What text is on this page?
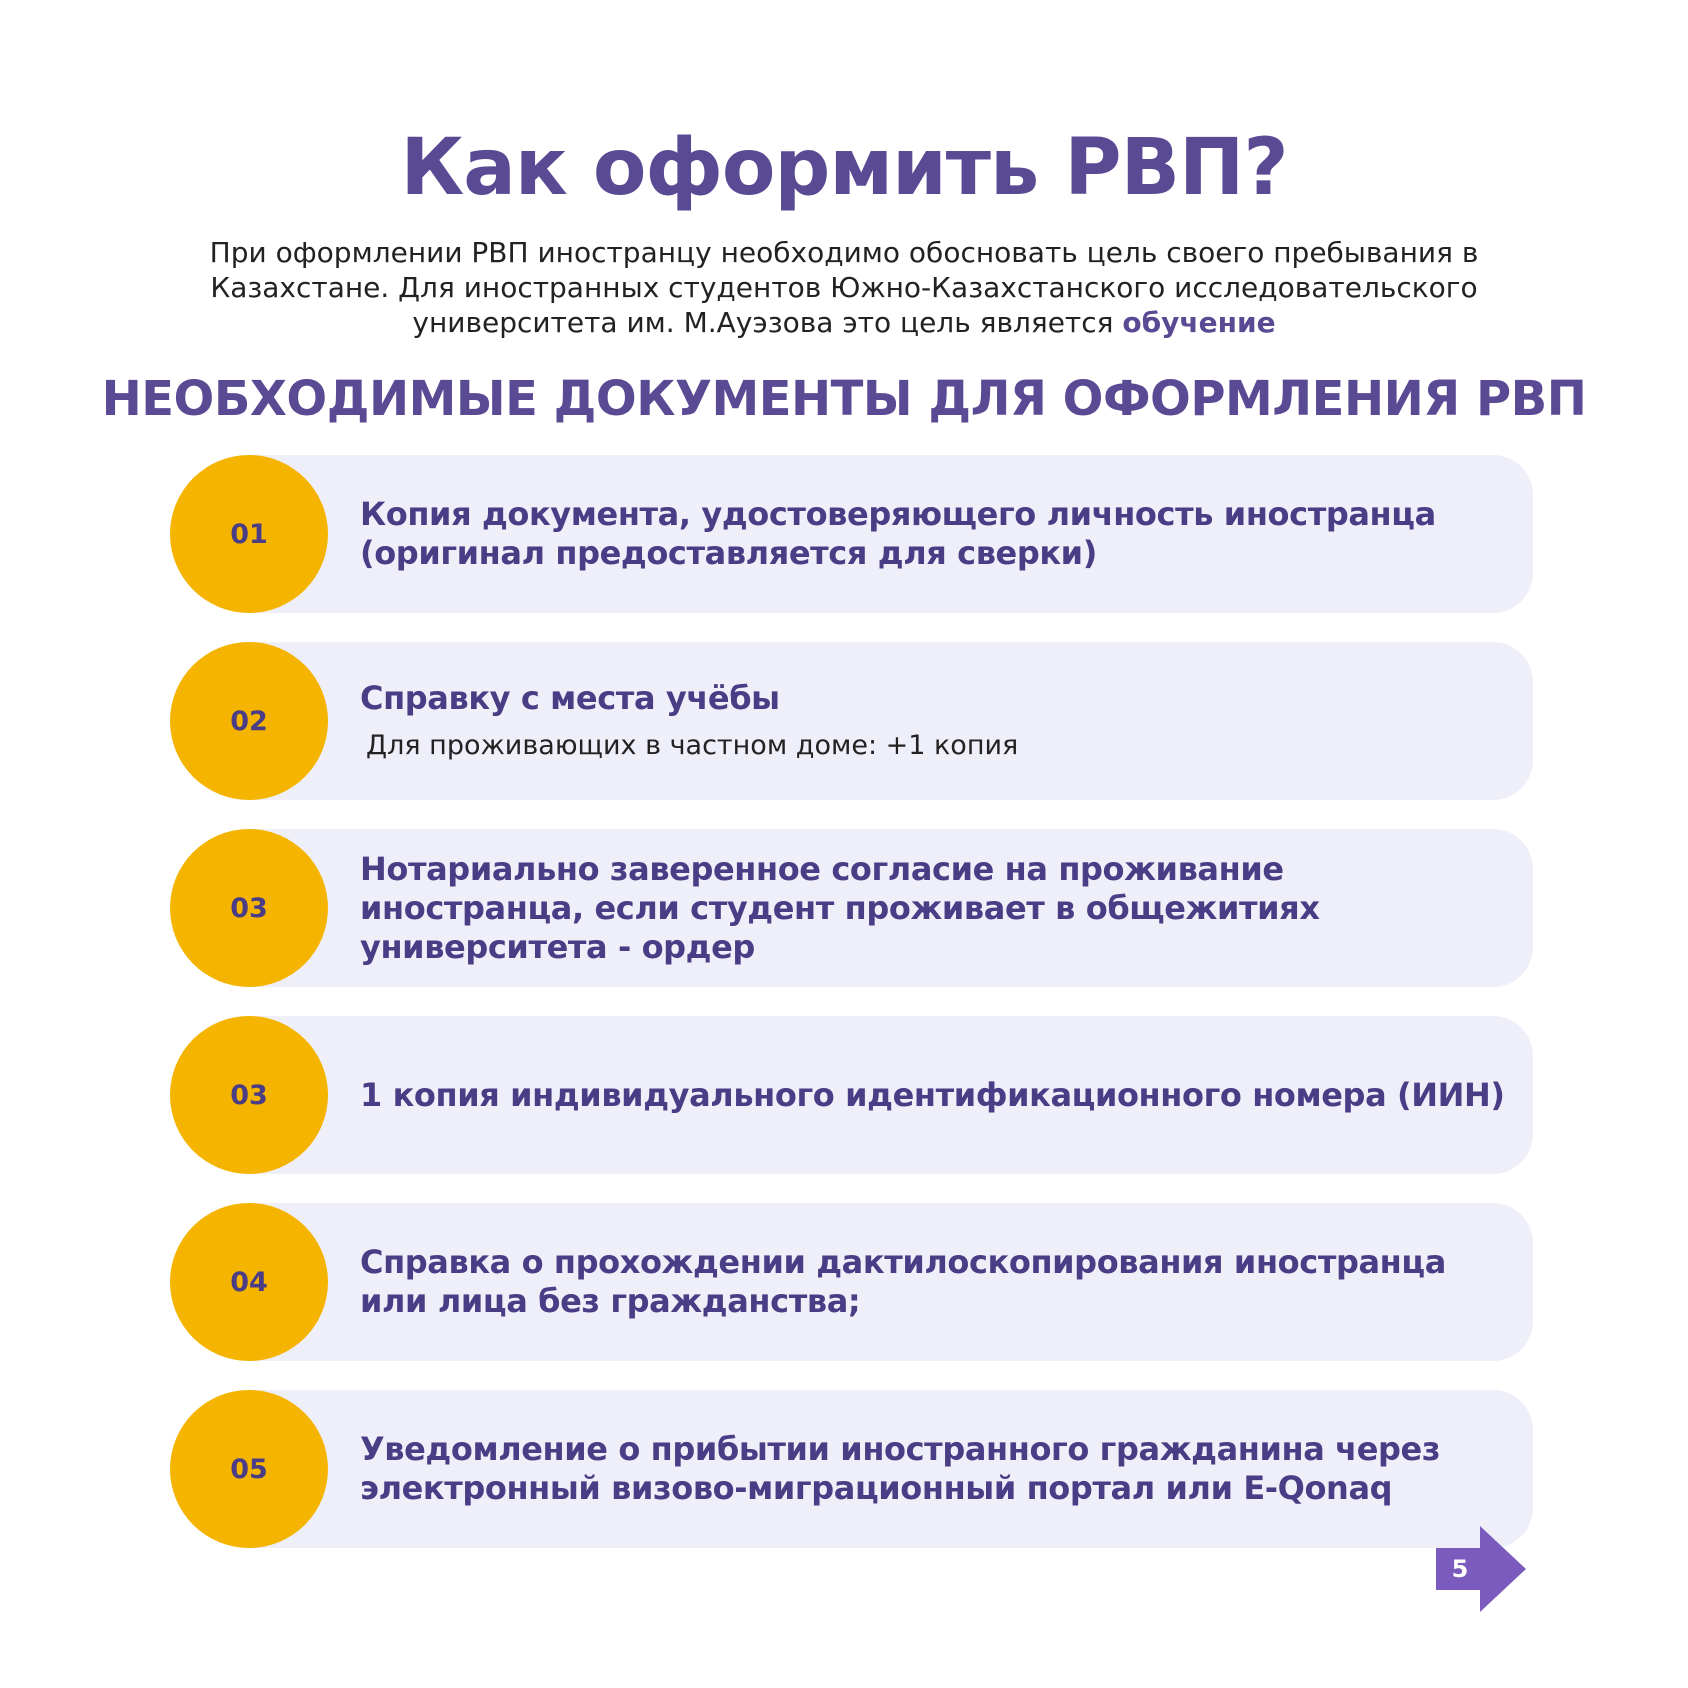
Как оформить РВП?

При оформлении РВП иностранцу необходимо обосновать цель своего пребывания в Казахстане. Для иностранных студентов Южно-Казахстанского исследовательского университета им. М.Ауэзова это цель является обучение

НЕОБХОДИМЫЕ ДОКУМЕНТЫ ДЛЯ ОФОРМЛЕНИЯ РВП
01
Копия документа, удостоверяющего личность иностранца (оригинал предоставляется для сверки)
02
Справку с места учёбы
Для проживающих в частном доме: +1 копия
03
Нотариально заверенное согласие на проживание иностранца, если студент проживает в общежитиях университета - ордер
03	1 копия индивидуального идентификационного номера (ИИН)
04
Справка о прохождении дактилоскопирования иностранца или лица без гражданства;
05
Уведомление о прибытии иностранного гражданина через электронный визово-миграционный портал или E-Qonaq
5
